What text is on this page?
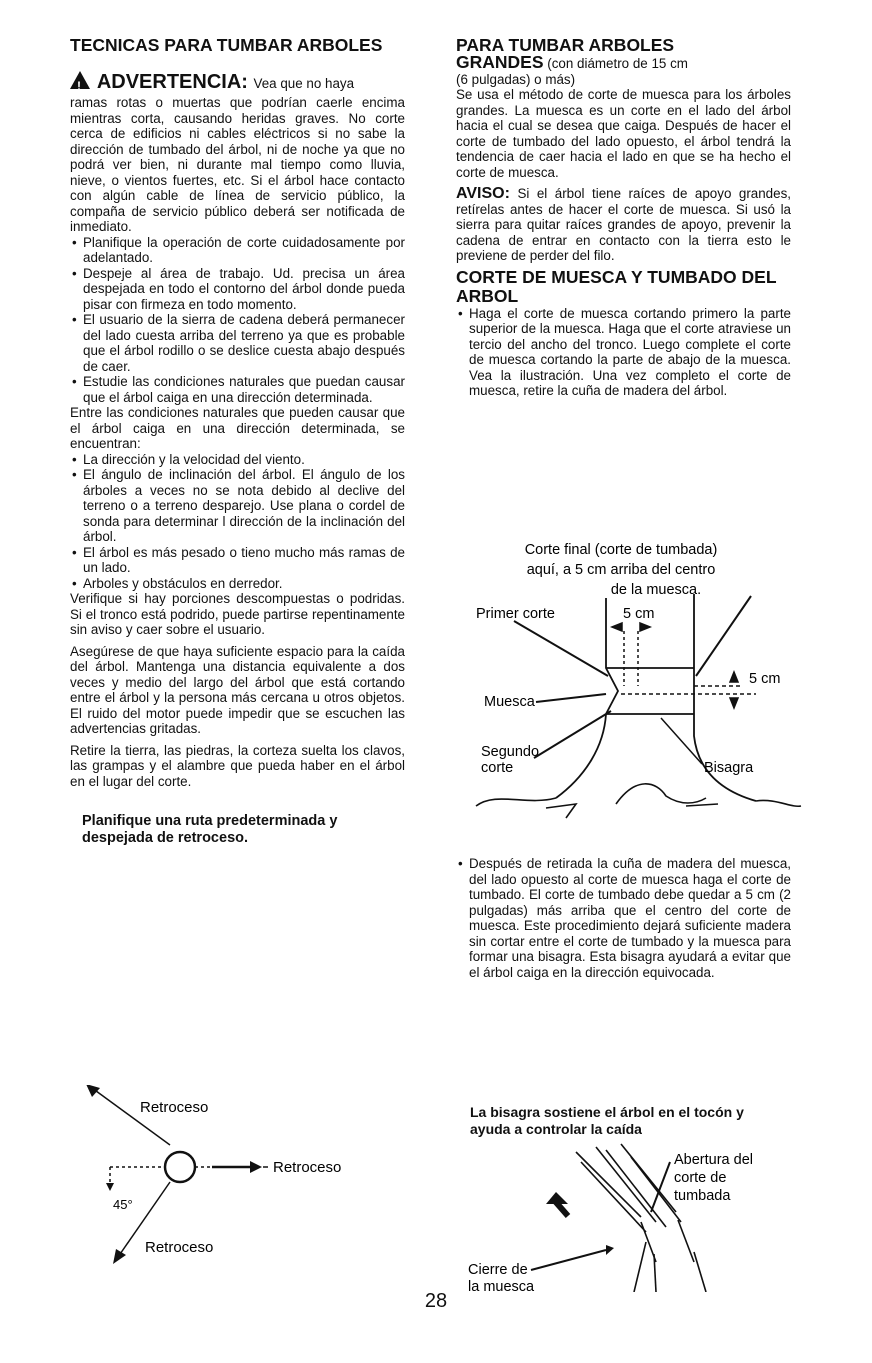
TECNICAS PARA TUMBAR ARBOLES
! ADVERTENCIA: Vea que no haya

ramas rotas o muertas que podrían caerle encima mientras corta, causando heridas graves. No corte cerca de edificios ni cables eléctricos si no sabe la dirección de tumbado del árbol, ni de noche ya que no podrá ver bien, ni durante mal tiempo como lluvia, nieve, o vientos fuertes, etc. Si el árbol hace contacto con algún cable de línea de servicio público, la compaña de servicio público deberá ser notificada de inmediato.

• Planifique la operación de corte cuidadosamente por adelantado.
• Despeje al área de trabajo. Ud. precisa un área despejada en todo el contorno del árbol donde pueda pisar con firmeza en todo momento.
• El usuario de la sierra de cadena deberá permanecer del lado cuesta arriba del terreno ya que es probable que el árbol rodillo o se deslice cuesta abajo después de caer.
• Estudie las condiciones naturales que puedan causar que el árbol caiga en una dirección determinada.

Entre las condiciones naturales que pueden causar que el árbol caiga en una dirección determinada, se encuentran:

• La dirección y la velocidad del viento.
• El ángulo de inclinación del árbol. El ángulo de los árboles a veces no se nota debido al declive del terreno o a terreno desparejo. Use plana o cordel de sonda para determinar l dirección de la inclinación del árbol.
• El árbol es más pesado o tieno mucho más ramas de un lado.
• Arboles y obstáculos en derredor.

Verifique si hay porciones descompuestas o podridas. Si el tronco está podrido, puede partirse repentinamente sin aviso y caer sobre el usuario.

Asegúrese de que haya suficiente espacio para la caída del árbol. Mantenga una distancia equivalente a dos veces y medio del largo del árbol que está cortando entre el árbol y la persona más cercana u otros objetos. El ruido del motor puede impedir que se escuchen las advertencias gritadas.

Retire la tierra, las piedras, la corteza suelta los clavos, las grampas y el alambre que pueda haber en el árbol en el lugar del corte.

Planifique una ruta predeterminada y despejada de retroceso.
Retroceso
Retroceso
45°
Retroceso
PARA TUMBAR ARBOLES
GRANDES (con diámetro de 15 cm

(6 pulgadas) o más)

Se usa el método de corte de muesca para los árboles grandes. La muesca es un corte en el lado del árbol hacia el cual se desea que caiga. Después de hacer el corte de tumbado del lado opuesto, el árbol tendrá la tendencia de caer hacia el lado en que se ha hecho el corte de muesca.

AVISO: Si el árbol tiene raíces de apoyo grandes, retírelas antes de hacer el corte de muesca. Si usó la sierra para quitar raíces grandes de apoyo, prevenir la cadena de entrar en contacto con la tierra esto le previene de perder del filo.

CORTE DE MUESCA Y TUMBADO DEL ARBOL
• Haga el corte de muesca cortando primero la parte superior de la muesca. Haga que el corte atraviese un tercio del ancho del tronco. Luego complete el corte de muesca cortando la parte de abajo de la muesca. Vea la ilustración. Una vez completo el corte de muesca, retire la cuña de madera del árbol.
Corte final (corte de tumbada)
aquí, a 5 cm arriba del centro
de la muesca.
Primer corte	5 cm
5 cm
Muesca
Segundo
corte	Bisagra
• Después de retirada la cuña de madera del muesca, del lado opuesto al corte de muesca haga el corte de tumbado. El corte de tumbado debe quedar a 5 cm (2 pulgadas) más arriba que el centro del corte de muesca. Este procedimiento dejará suficiente madera sin cortar entre el corte de tumbado y la muesca para formar una bisagra. Esta bisagra ayudará a evitar que el árbol caiga en la dirección equivocada.
La bisagra sostiene el árbol en el tocón y ayuda a controlar la caída
Abertura del
corte de
tumbada
Cierre de
la muesca
28
